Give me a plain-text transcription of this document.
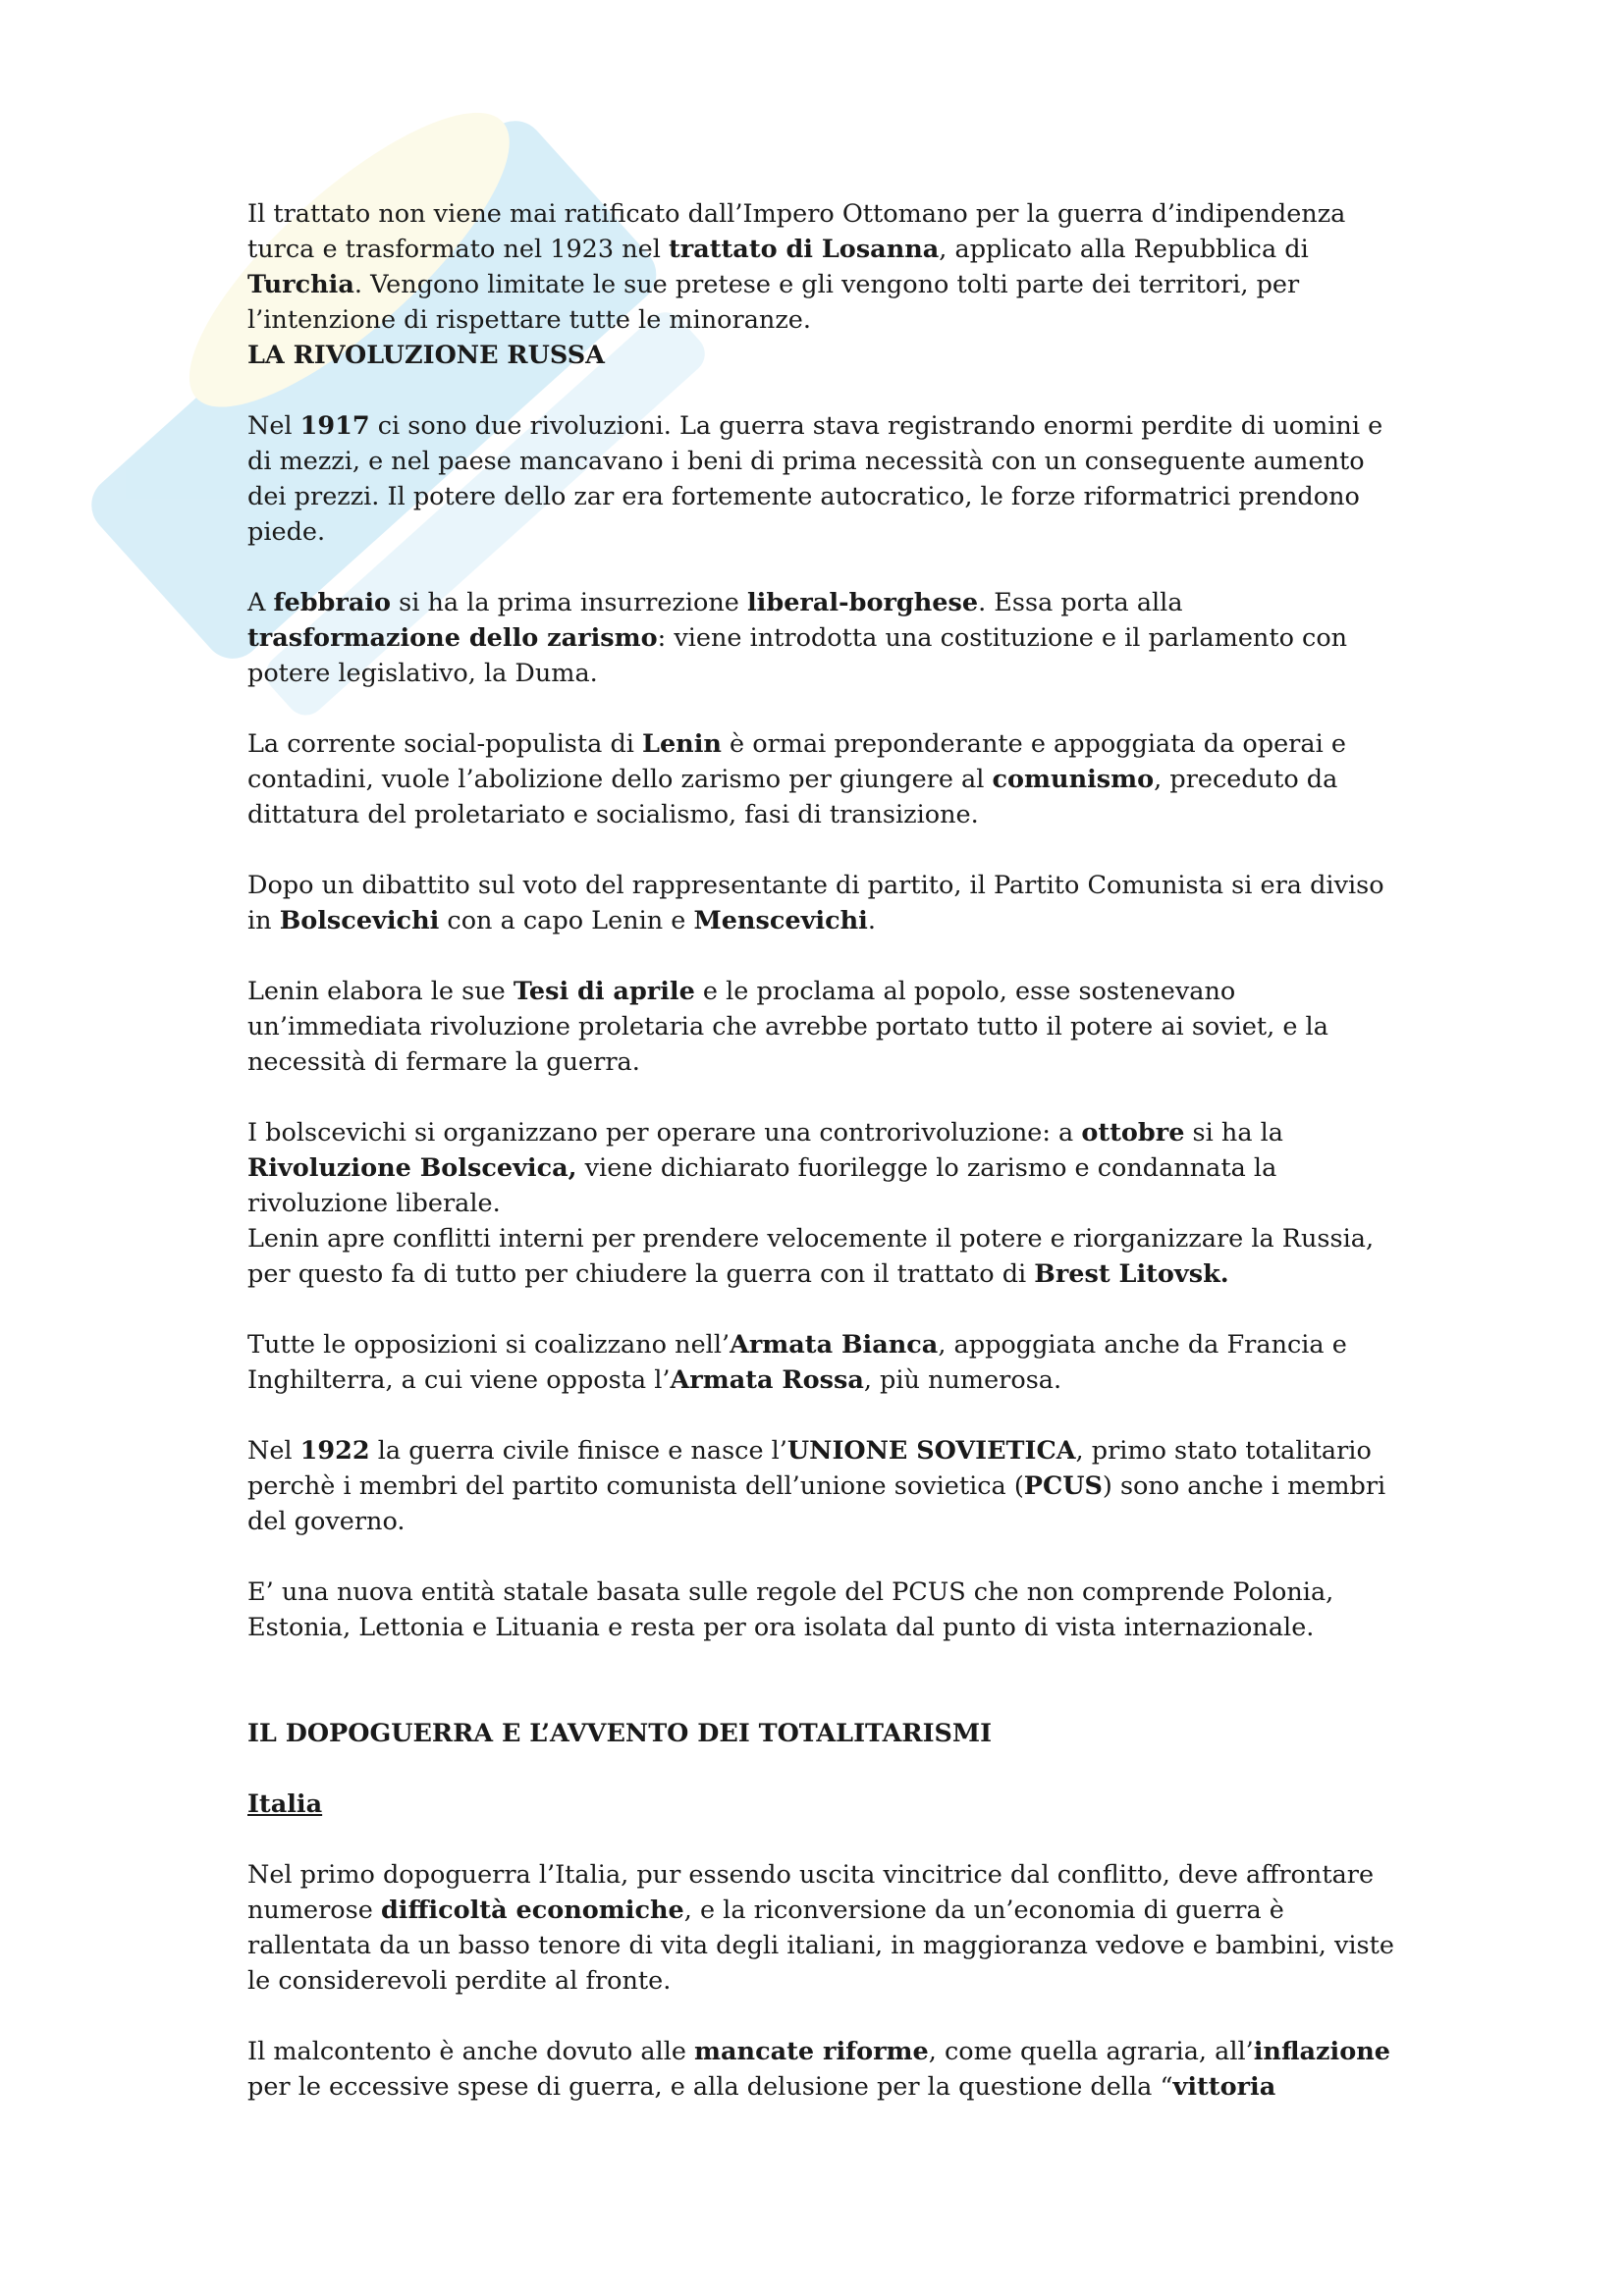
Il trattato non viene mai ratificato dall’Impero Ottomano per la guerra d’indipendenza turca e trasformato nel 1923 nel trattato di Losanna, applicato alla Repubblica di Turchia. Vengono limitate le sue pretese e gli vengono tolti parte dei territori, per l’intenzione di rispettare tutte le minoranze.

LA RIVOLUZIONE RUSSA

Nel 1917 ci sono due rivoluzioni. La guerra stava registrando enormi perdite di uomini e di mezzi, e nel paese mancavano i beni di prima necessità con un conseguente aumento dei prezzi. Il potere dello zar era fortemente autocratico, le forze riformatrici prendono piede.

A febbraio si ha la prima insurrezione liberal-borghese. Essa porta alla trasformazione dello zarismo: viene introdotta una costituzione e il parlamento con potere legislativo, la Duma.

La corrente social-populista di Lenin è ormai preponderante e appoggiata da operai e contadini, vuole l’abolizione dello zarismo per giungere al comunismo, preceduto da dittatura del proletariato e socialismo, fasi di transizione.

Dopo un dibattito sul voto del rappresentante di partito, il Partito Comunista si era diviso in Bolscevichi con a capo Lenin e Menscevichi.

Lenin elabora le sue Tesi di aprile e le proclama al popolo, esse sostenevano un’immediata rivoluzione proletaria che avrebbe portato tutto il potere ai soviet, e la necessità di fermare la guerra.

I bolscevichi si organizzano per operare una controrivoluzione: a ottobre si ha la Rivoluzione Bolscevica, viene dichiarato fuorilegge lo zarismo e condannata la rivoluzione liberale.

Lenin apre conflitti interni per prendere velocemente il potere e riorganizzare la Russia, per questo fa di tutto per chiudere la guerra con il trattato di Brest Litovsk.

Tutte le opposizioni si coalizzano nell’Armata Bianca, appoggiata anche da Francia e Inghilterra, a cui viene opposta l’Armata Rossa, più numerosa.

Nel 1922 la guerra civile finisce e nasce l’UNIONE SOVIETICA, primo stato totalitario perchè i membri del partito comunista dell’unione sovietica (PCUS) sono anche i membri del governo.

E’ una nuova entità statale basata sulle regole del PCUS che non comprende Polonia, Estonia, Lettonia e Lituania e resta per ora isolata dal punto di vista internazionale.

IL DOPOGUERRA E L’AVVENTO DEI TOTALITARISMI
Italia

Nel primo dopoguerra l’Italia, pur essendo uscita vincitrice dal conflitto, deve affrontare numerose difficoltà economiche, e la riconversione da un’economia di guerra è rallentata da un basso tenore di vita degli italiani, in maggioranza vedove e bambini, viste le considerevoli perdite al fronte.

Il malcontento è anche dovuto alle mancate riforme, come quella agraria, all’inflazione per le eccessive spese di guerra, e alla delusione per la questione della “vittoria
